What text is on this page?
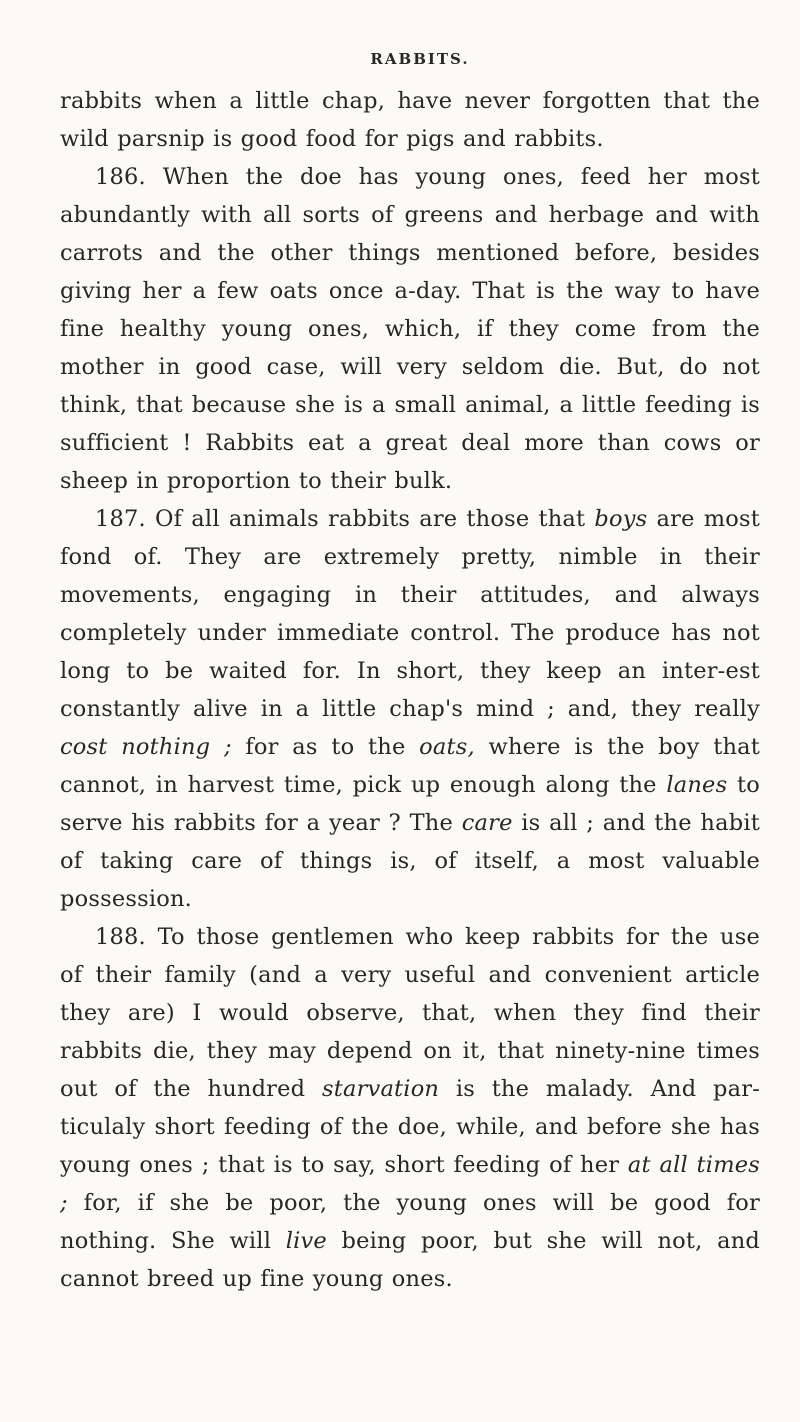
RABBITS.

rabbits when a little chap, have never forgotten that the wild parsnip is good food for pigs and rabbits.

186. When the doe has young ones, feed her most abundantly with all sorts of greens and herbage and with carrots and the other things mentioned before, besides giving her a few oats once a-day. That is the way to have fine healthy young ones, which, if they come from the mother in good case, will very seldom die. But, do not think, that because she is a small animal, a little feeding is sufficient ! Rabbits eat a great deal more than cows or sheep in proportion to their bulk.

187. Of all animals rabbits are those that boys are most fond of. They are extremely pretty, nimble in their movements, engaging in their attitudes, and always completely under immediate control. The produce has not long to be waited for. In short, they keep an inter-est constantly alive in a little chap's mind ; and, they really cost nothing ; for as to the oats, where is the boy that cannot, in harvest time, pick up enough along the lanes to serve his rabbits for a year ? The care is all ; and the habit of taking care of things is, of itself, a most valuable possession.

188. To those gentlemen who keep rabbits for the use of their family (and a very useful and convenient article they are) I would observe, that, when they find their rabbits die, they may depend on it, that ninety-nine times out of the hundred starvation is the malady. And par-ticulaly short feeding of the doe, while, and before she has young ones ; that is to say, short feeding of her at all times ; for, if she be poor, the young ones will be good for nothing. She will live being poor, but she will not, and cannot breed up fine young ones.
